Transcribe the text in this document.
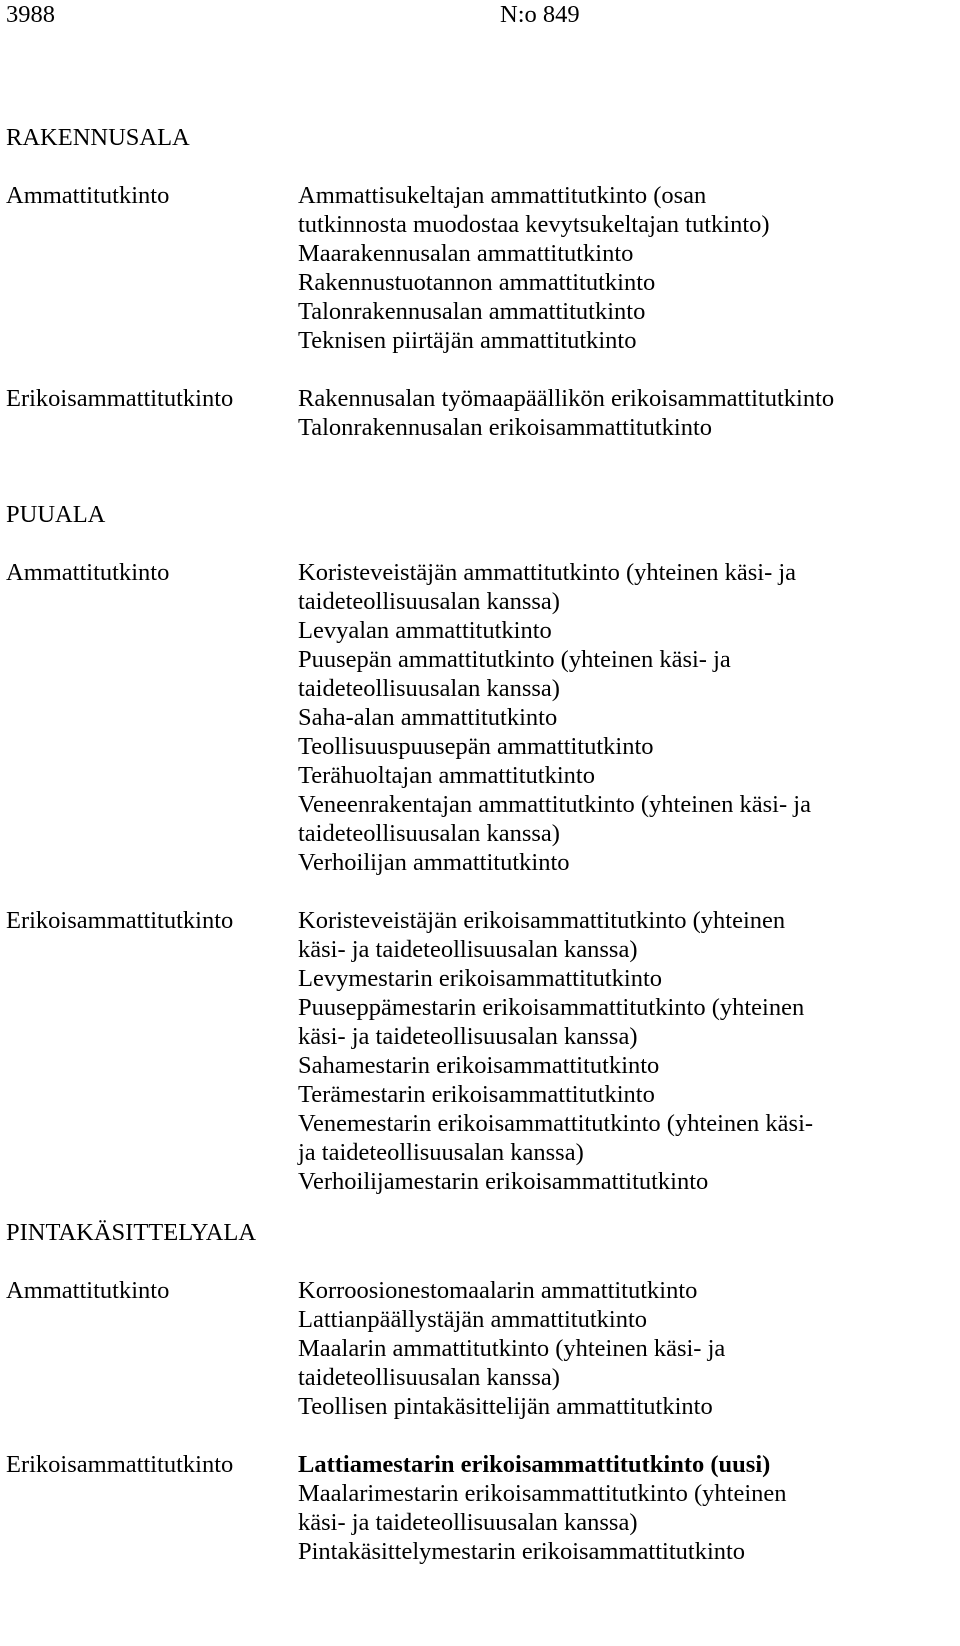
3988	N:o 849
RAKENNUSALA
Ammattitutkinto	Ammattisukeltajan ammattitutkinto (osan
tutkinnosta muodostaa kevytsukeltajan tutkinto)
Maarakennusalan ammattitutkinto
Rakennustuotannon ammattitutkinto
Talonrakennusalan ammattitutkinto
Teknisen piirtäjän ammattitutkinto
Erikoisammattitutkinto	Rakennusalan työmaapäällikön erikoisammattitutkinto
Talonrakennusalan erikoisammattitutkinto
PUUALA
Ammattitutkinto	Koristeveistäjän ammattitutkinto (yhteinen käsi- ja
taideteollisuusalan kanssa)
Levyalan ammattitutkinto
Puusepän ammattitutkinto (yhteinen käsi- ja
taideteollisuusalan kanssa)
Saha-alan ammattitutkinto
Teollisuuspuusepän ammattitutkinto
Terähuoltajan ammattitutkinto
Veneenrakentajan ammattitutkinto (yhteinen käsi- ja
taideteollisuusalan kanssa)
Verhoilijan ammattitutkinto
Erikoisammattitutkinto	Koristeveistäjän erikoisammattitutkinto (yhteinen
käsi- ja taideteollisuusalan kanssa)
Levymestarin erikoisammattitutkinto
Puuseppämestarin erikoisammattitutkinto (yhteinen
käsi- ja taideteollisuusalan kanssa)
Sahamestarin erikoisammattitutkinto
Terämestarin erikoisammattitutkinto
Venemestarin erikoisammattitutkinto (yhteinen käsi-
ja taideteollisuusalan kanssa)
Verhoilijamestarin erikoisammattitutkinto
PINTAKÄSITTELYALA
Ammattitutkinto	Korroosionestomaalarin ammattitutkinto
Lattianpäällystäjän ammattitutkinto
Maalarin ammattitutkinto (yhteinen käsi- ja
taideteollisuusalan kanssa)
Teollisen pintakäsittelijän ammattitutkinto
Erikoisammattitutkinto	Lattiamestarin erikoisammattitutkinto (uusi)
Maalarimestarin erikoisammattitutkinto (yhteinen
käsi- ja taideteollisuusalan kanssa)
Pintakäsittelymestarin erikoisammattitutkinto
